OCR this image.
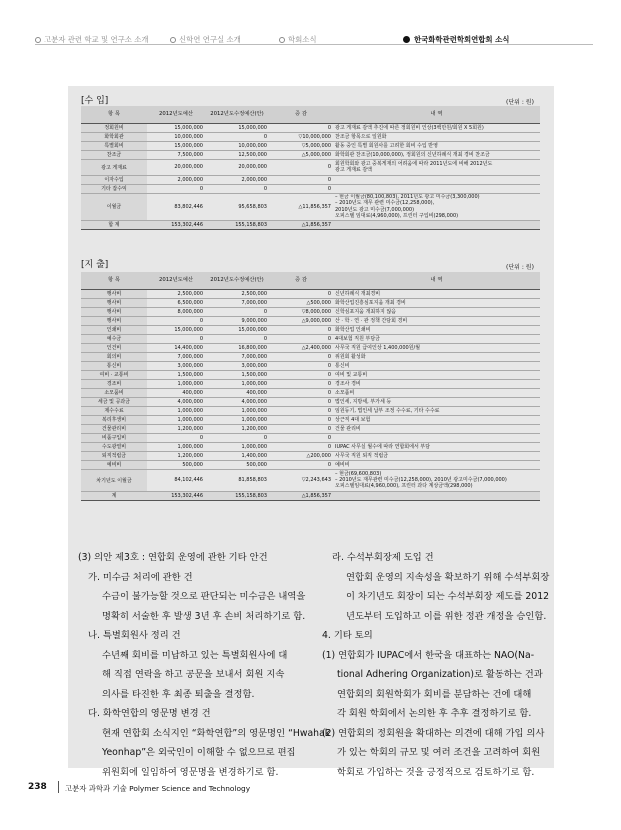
고분자 관련 학교 및 연구소 소개	신학연 연구실 소개	학회소식	한국화학관련학회연합회 소식
[수 입]	(단위 : 원)
항 목	2012년도예산	2012년도수정예산(안)	증 감	내 역
정회원비	15,000,000	15,000,000	0	광고 게재료 감액 추진에 따른 정회원비 인상(3백만원/회원 X 5회원)
화학회관	10,000,000	0	▽10,000,000	찬조금 항목으로 일원화
특별회비	15,000,000	10,000,000	▽5,000,000	활동 중인 특별 회원사를 고려한 회비 수입 반영
찬조금	7,500,000	12,500,000	△5,000,000	화학회관 찬조금(10,000,000), 정회원의 신년하례식 개최 경비 찬조금
광고 게재료	20,000,000	20,000,000	0	회원학회와 광고 중복게재의 어려움에 따라 2011년도에 비해 2012년도
광고 게재료 감액

이자수입	2,000,000	2,000,000	0	
기타 잡수익	0	0	0	
이월금	83,802,446	95,658,803	△11,856,357	– 현금 이월금(80,100,803), 2011년도 광고 미수금(3,300,000)
– 2010년도 재무 관련 미수금(12,258,000),
2010년도 광고 미수금(7,000,000)
오피스텔 임대료(4,960,000), 프린터 구입비(298,000)

합 계	153,302,446	155,158,803	△1,856,357	
[지 출]	(단위 : 원)
항 목	2012년도예산	2012년도수정예산(안)	증 감	내 역
행사비	2,500,000	2,500,000	0	신년하례식 개최경비
행사비	6,500,000	7,000,000	△500,000	화학산업진흥심포지움 개최 경비
행사비	8,000,000	0	▽8,000,000	신학심포지움 개최하지 않음
행사비	0	9,000,000	△9,000,000	산 · 학 · 연 · 관 정책 간담회 경비
인쇄비	15,000,000	15,000,000	0	화학산업 인쇄비
예수금	0	0	0	4대보험 직원 부담금
인건비	14,400,000	16,800,000	△2,400,000	사무국 직원 급여인상 1,400,000원/월
회의비	7,000,000	7,000,000	0	위원회 활성화
통신비	3,000,000	3,000,000	0	통신비
여비 · 교통비	1,500,000	1,500,000	0	여비 및 교통비
경조비	1,000,000	1,000,000	0	경조사 경비
소모품비	400,000	400,000	0	소모품비
세금 및 공과금	4,000,000	4,000,000	0	법인세, 지방세, 부가세 등
제수수료	1,000,000	1,000,000	0	임원등기, 법인세 납부 조정 수수료, 기타 수수료
복리후생비	1,000,000	1,000,000	0	상근직 4대 보험
건물관리비	1,200,000	1,200,000	0	건물 관리비
비품구입비	0	0	0	
수도광열비	1,000,000	1,000,000	0	IUPAC 사무실 월수에 따라 연합회에서 부담
퇴직적립금	1,200,000	1,400,000	△200,000	사무국 직원 퇴직 적립금
예비비	500,000	500,000	0	예비비
차기년도 이월금	84,102,446	81,858,803	▽2,243,643	– 현금(69,600,803)
– 2010년도 재무관련 미수금(12,258,000), 2010년 광고미수금(7,000,000)
오피스텔임대료(4,960,000), 프린터 과다 계상금액(298,000)

계	153,302,446	155,158,803	△1,856,357	

(3) 의안 제3호 : 연합회 운영에 관한 기타 안건

가. 미수금 처리에 관한 건

수금이 불가능할 것으로 판단되는 미수금은 내역을

명확히 서술한 후 발생 3년 후 손비 처리하기로 함.

나. 특별회원사 정리 건

수년째 회비를 미납하고 있는 특별회원사에 대

해 직접 연락을 하고 공문을 보내서 회원 지속

의사를 타진한 후 최종 퇴출을 결정함.

다. 화학연합의 영문명 변경 건

현재 연합회 소식지인 “화학연합”의 영문명인 “Hwahak

Yeonhap”은 외국인이 이해할 수 없으므로 편집

위원회에 일임하여 영문명을 변경하기로 함.

라. 수석부회장제 도입 건

연합회 운영의 지속성을 확보하기 위해 수석부회장

이 차기년도 회장이 되는 수석부회장 제도를 2012

년도부터 도입하고 이를 위한 정관 개정을 승인함.

4. 기타 토의

(1) 연합회가 IUPAC에서 한국을 대표하는 NAO(Na-

tional Adhering Organization)로 활동하는 건과

연합회의 회원학회가 회비를 분담하는 건에 대해

각 회원 학회에서 논의한 후 추후 결정하기로 함.

(2) 연합회의 정회원을 확대하는 의견에 대해 가입 의사

가 있는 학회의 규모 및 여러 조건을 고려하여 회원

학회로 가입하는 것을 긍정적으로 검토하기로 함.

238 고분자 과학과 기술 Polymer Science and Technology
